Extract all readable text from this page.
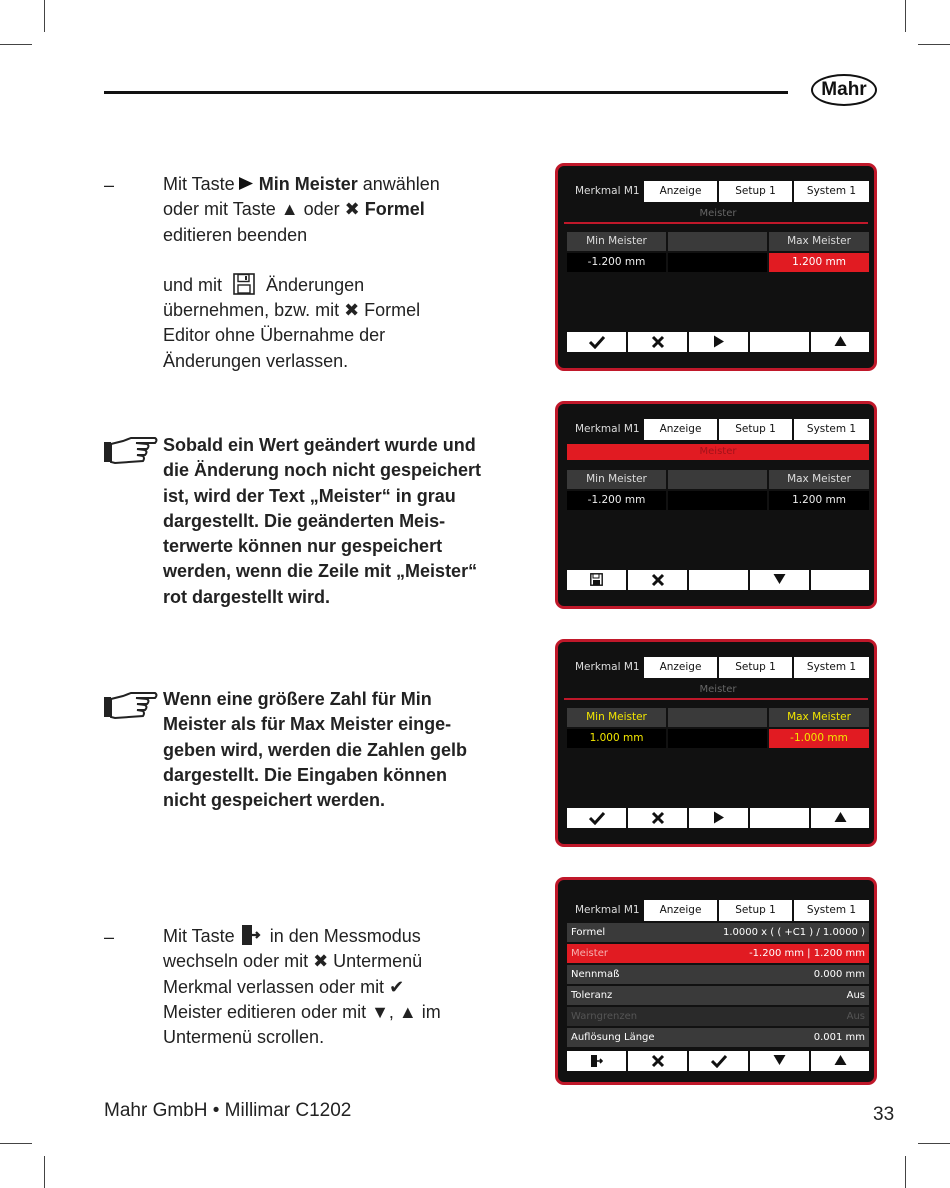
Mahr
–	Mit Taste Min Meister anwählen
oder mit Taste ▲ oder ✖ Formel
editieren beenden
und mit  Änderungen
übernehmen, bzw. mit ✖ Formel
Editor ohne Übernahme der
Änderungen verlassen.
Sobald ein Wert geändert wurde und
die Änderung noch nicht gespeichert
ist, wird der Text „Meister“ in grau
dargestellt. Die geänderten Meis-
terwerte können nur gespeichert
werden, wenn die Zeile mit „Meister“
rot dargestellt wird.
Wenn eine größere Zahl für Min
Meister als für Max Meister einge-
geben wird, werden die Zahlen gelb
dargestellt. Die Eingaben können
nicht gespeichert werden.
–	Mit Taste  in den Messmodus
wechseln oder mit ✖ Untermenü
Merkmal verlassen oder mit ✔
Meister editieren oder mit ▼, ▲ im
Untermenü scrollen.
Merkmal M1	Anzeige	Setup 1	System 1
Meister
Min Meister	Max Meister
-1.200 mm	1.200 mm
Merkmal M1	Anzeige	Setup 1	System 1
Meister
Min Meister	Max Meister
-1.200 mm	1.200 mm
Merkmal M1	Anzeige	Setup 1	System 1
Meister
Min Meister	Max Meister
1.000 mm	-1.000 mm
Merkmal M1	Anzeige	Setup 1	System 1
Formel	1.0000 x ( ( +C1 ) / 1.0000 )
Meister	-1.200 mm | 1.200 mm
Nennmaß	0.000 mm
Toleranz	Aus
Warngrenzen	Aus
Auflösung Länge	0.001 mm
Mahr GmbH • Millimar C1202	33
